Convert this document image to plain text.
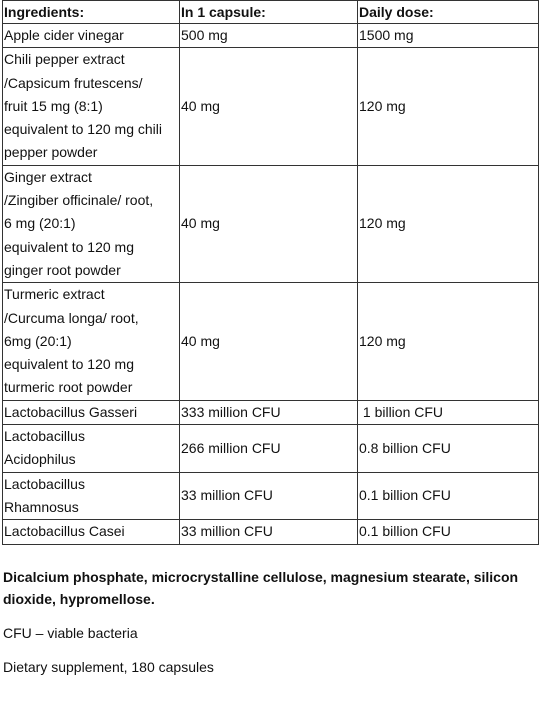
Ingredients:	In 1 capsule:	Daily dose:

Apple cider vinegar	500 mg	1500 mg

Chili pepper extract
/Capsicum frutescens/
fruit 15 mg (8:1)
equivalent to 120 mg chili
pepper powder	40 mg	120 mg

Ginger extract
/Zingiber officinale/ root,
6 mg (20:1)
equivalent to 120 mg
ginger root powder	40 mg	120 mg

Turmeric extract
/Curcuma longa/ root,
6mg (20:1)
equivalent to 120 mg
turmeric root powder	40 mg	120 mg

Lactobacillus Gasseri	333 million CFU	1 billion CFU

Lactobacillus
Acidophilus	266 million CFU	0.8 billion CFU

Lactobacillus
Rhamnosus	33 million CFU	0.1 billion CFU

Lactobacillus Casei	33 million CFU	0.1 billion CFU

Dicalcium phosphate, microcrystalline cellulose, magnesium stearate, silicon dioxide, hypromellose.

CFU – viable bacteria

Dietary supplement, 180 capsules
